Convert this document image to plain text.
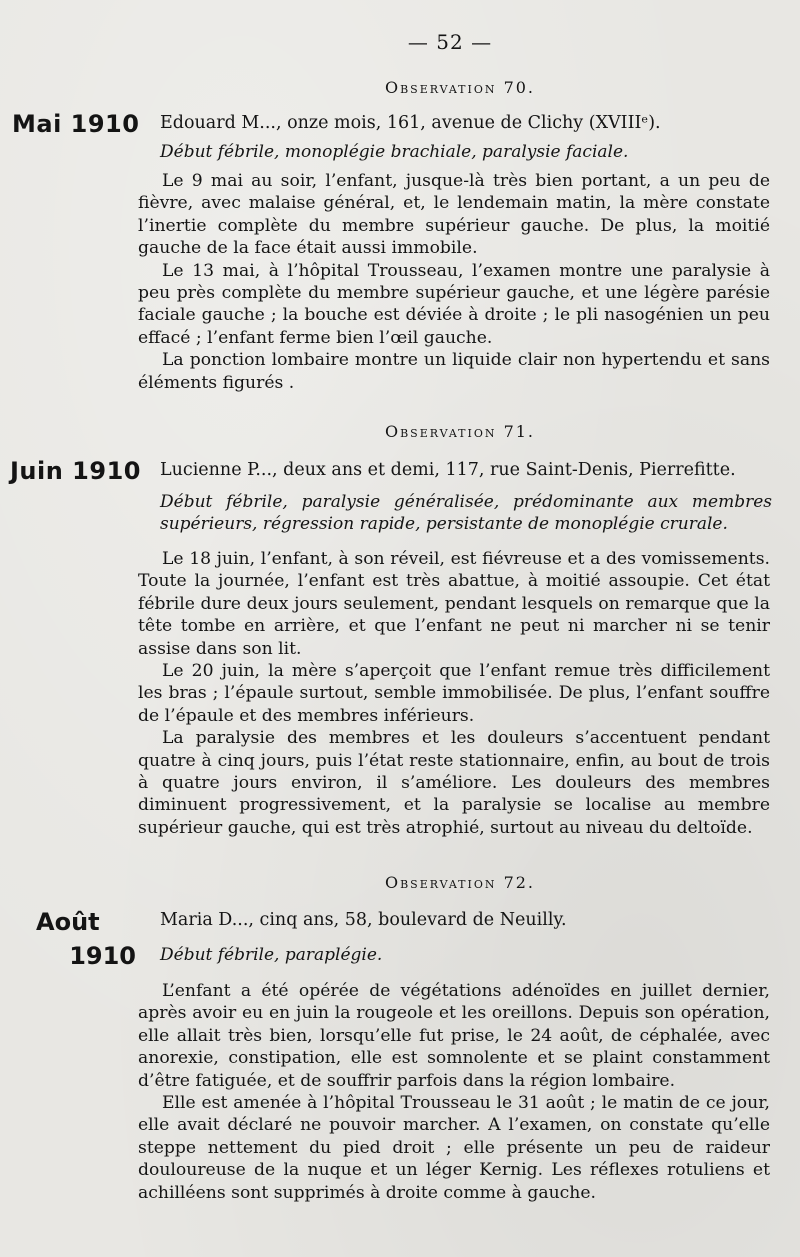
— 52 —
Observation 70.
Mai 1910 Edouard M..., onze mois, 161, avenue de Clichy (XVIIIᵉ).
Début fébrile, monoplégie brachiale, paralysie faciale.

Le 9 mai au soir, l’enfant, jusque-là très bien portant, a un peu de fièvre, avec malaise général, et, le lendemain matin, la mère constate l’inertie complète du membre supérieur gauche. De plus, la moitié gauche de la face était aussi immobile.

Le 13 mai, à l’hôpital Trousseau, l’examen montre une paralysie à peu près complète du membre supérieur gauche, et une légère parésie faciale gauche ; la bouche est déviée à droite ; le pli nasogénien un peu effacé ; l’enfant ferme bien l’œil gauche.

La ponction lombaire montre un liquide clair non hypertendu et sans éléments figurés .

Observation 71.
Juin 1910 Lucienne P..., deux ans et demi, 117, rue Saint-Denis, Pierrefitte.
Début fébrile, paralysie généralisée, prédominante aux membres supérieurs, régression rapide, persistante de monoplégie crurale.

Le 18 juin, l’enfant, à son réveil, est fiévreuse et a des vomissements. Toute la journée, l’enfant est très abattue, à moitié assoupie. Cet état fébrile dure deux jours seulement, pendant lesquels on remarque que la tête tombe en arrière, et que l’enfant ne peut ni marcher ni se tenir assise dans son lit.

Le 20 juin, la mère s’aperçoit que l’enfant remue très difficilement les bras ; l’épaule surtout, semble immobilisée. De plus, l’enfant souffre de l’épaule et des membres inférieurs.

La paralysie des membres et les douleurs s’accentuent pendant quatre à cinq jours, puis l’état reste stationnaire, enfin, au bout de trois à quatre jours environ, il s’améliore. Les douleurs des membres diminuent progressivement, et la paralysie se localise au membre supérieur gauche, qui est très atrophié, surtout au niveau du deltoïde.

Observation 72.
Août
1910
Maria D..., cinq ans, 58, boulevard de Neuilly.
Début fébrile, paraplégie.

L’enfant a été opérée de végétations adénoïdes en juillet dernier, après avoir eu en juin la rougeole et les oreillons. Depuis son opération, elle allait très bien, lorsqu’elle fut prise, le 24 août, de céphalée, avec anorexie, constipation, elle est somnolente et se plaint constamment d’être fatiguée, et de souffrir parfois dans la région lombaire.

Elle est amenée à l’hôpital Trousseau le 31 août ; le matin de ce jour, elle avait déclaré ne pouvoir marcher. A l’examen, on constate qu’elle steppe nettement du pied droit ; elle présente un peu de raideur douloureuse de la nuque et un léger Kernig. Les réflexes rotuliens et achilléens sont supprimés à droite comme à gauche.
